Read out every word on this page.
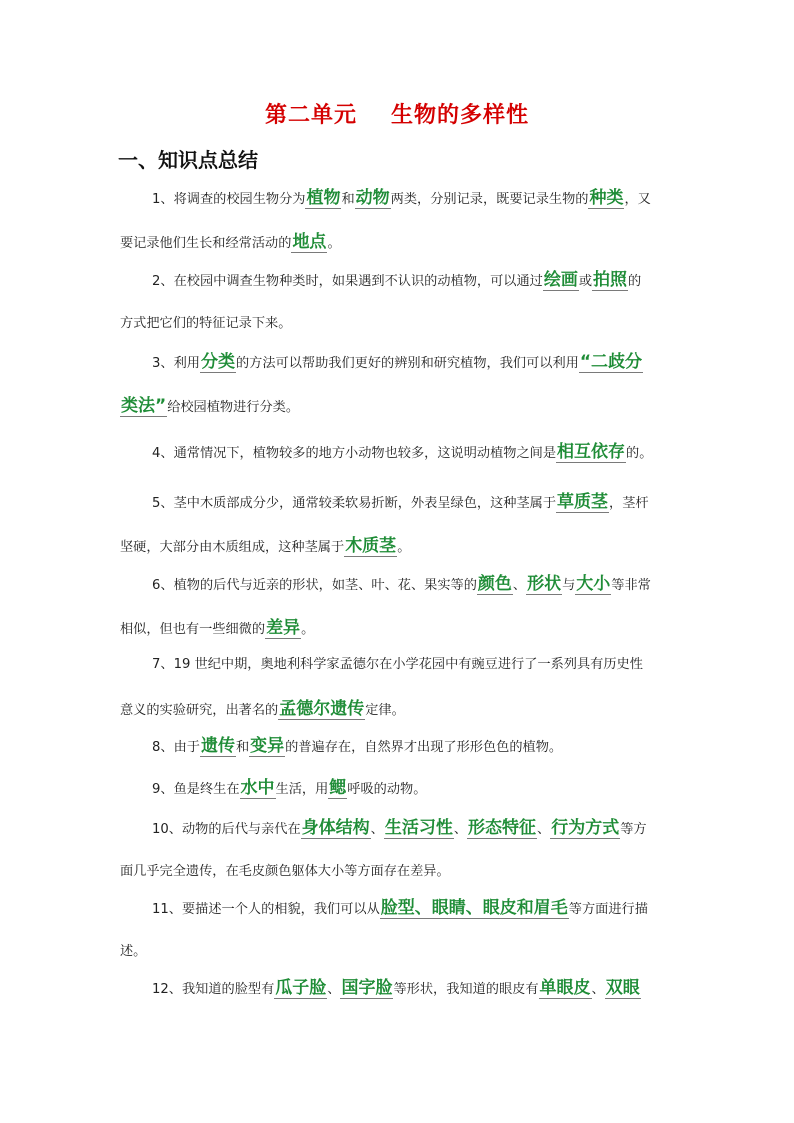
第二单元 生物的多样性
一、知识点总结
1、将调查的校园生物分为植物和动物两类，分别记录，既要记录生物的种类，又
要记录他们生长和经常活动的地点。
2、在校园中调查生物种类时，如果遇到不认识的动植物，可以通过绘画或拍照的
方式把它们的特征记录下来。
3、利用分类的方法可以帮助我们更好的辨别和研究植物，我们可以利用“二歧分
类法”给校园植物进行分类。
4、通常情况下，植物较多的地方小动物也较多，这说明动植物之间是相互依存的。
5、茎中木质部成分少，通常较柔软易折断，外表呈绿色，这种茎属于草质茎，茎杆
坚硬，大部分由木质组成，这种茎属于木质茎。
6、植物的后代与近亲的形状，如茎、叶、花、果实等的颜色、形状与大小等非常
相似，但也有一些细微的差异。
7、19 世纪中期，奥地利科学家孟德尔在小学花园中有豌豆进行了一系列具有历史性
意义的实验研究，出著名的孟德尔遗传定律。
8、由于遗传和变异的普遍存在，自然界才出现了形形色色的植物。
9、鱼是终生在水中生活，用鳃呼吸的动物。
10、动物的后代与亲代在身体结构、生活习性、形态特征、行为方式等方
面几乎完全遗传，在毛皮颜色躯体大小等方面存在差异。
11、要描述一个人的相貌，我们可以从脸型、眼睛、眼皮和眉毛等方面进行描
述。
12、我知道的脸型有瓜子脸、国字脸等形状，我知道的眼皮有单眼皮、双眼
